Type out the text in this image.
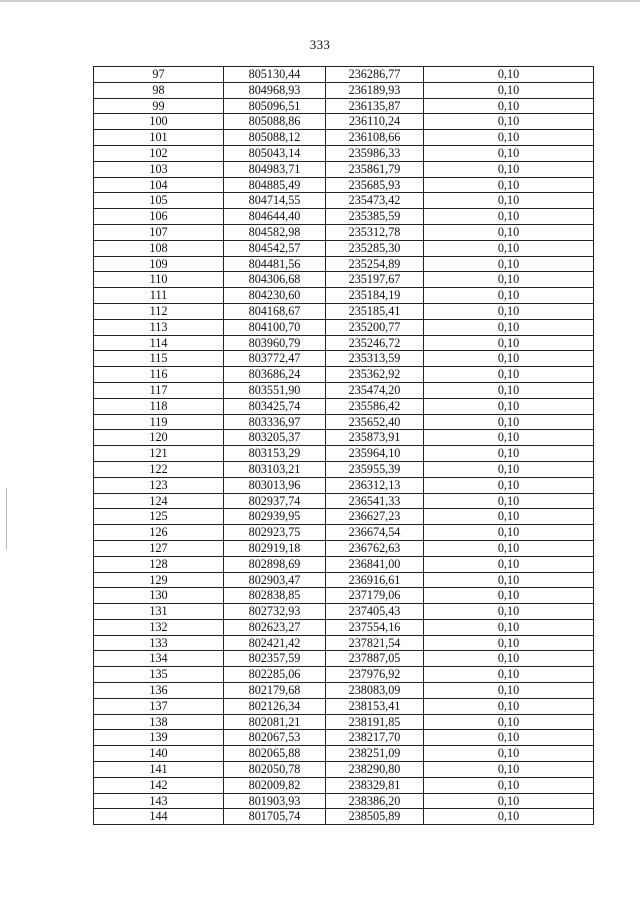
333
97	805130,44	236286,77	0,10
98	804968,93	236189,93	0,10
99	805096,51	236135,87	0,10
100	805088,86	236110,24	0,10
101	805088,12	236108,66	0,10
102	805043,14	235986,33	0,10
103	804983,71	235861,79	0,10
104	804885,49	235685,93	0,10
105	804714,55	235473,42	0,10
106	804644,40	235385,59	0,10
107	804582,98	235312,78	0,10
108	804542,57	235285,30	0,10
109	804481,56	235254,89	0,10
110	804306,68	235197,67	0,10
111	804230,60	235184,19	0,10
112	804168,67	235185,41	0,10
113	804100,70	235200,77	0,10
114	803960,79	235246,72	0,10
115	803772,47	235313,59	0,10
116	803686,24	235362,92	0,10
117	803551,90	235474,20	0,10
118	803425,74	235586,42	0,10
119	803336,97	235652,40	0,10
120	803205,37	235873,91	0,10
121	803153,29	235964,10	0,10
122	803103,21	235955,39	0,10
123	803013,96	236312,13	0,10
124	802937,74	236541,33	0,10
125	802939,95	236627,23	0,10
126	802923,75	236674,54	0,10
127	802919,18	236762,63	0,10
128	802898,69	236841,00	0,10
129	802903,47	236916,61	0,10
130	802838,85	237179,06	0,10
131	802732,93	237405,43	0,10
132	802623,27	237554,16	0,10
133	802421,42	237821,54	0,10
134	802357,59	237887,05	0,10
135	802285,06	237976,92	0,10
136	802179,68	238083,09	0,10
137	802126,34	238153,41	0,10
138	802081,21	238191,85	0,10
139	802067,53	238217,70	0,10
140	802065,88	238251,09	0,10
141	802050,78	238290,80	0,10
142	802009,82	238329,81	0,10
143	801903,93	238386,20	0,10
144	801705,74	238505,89	0,10
